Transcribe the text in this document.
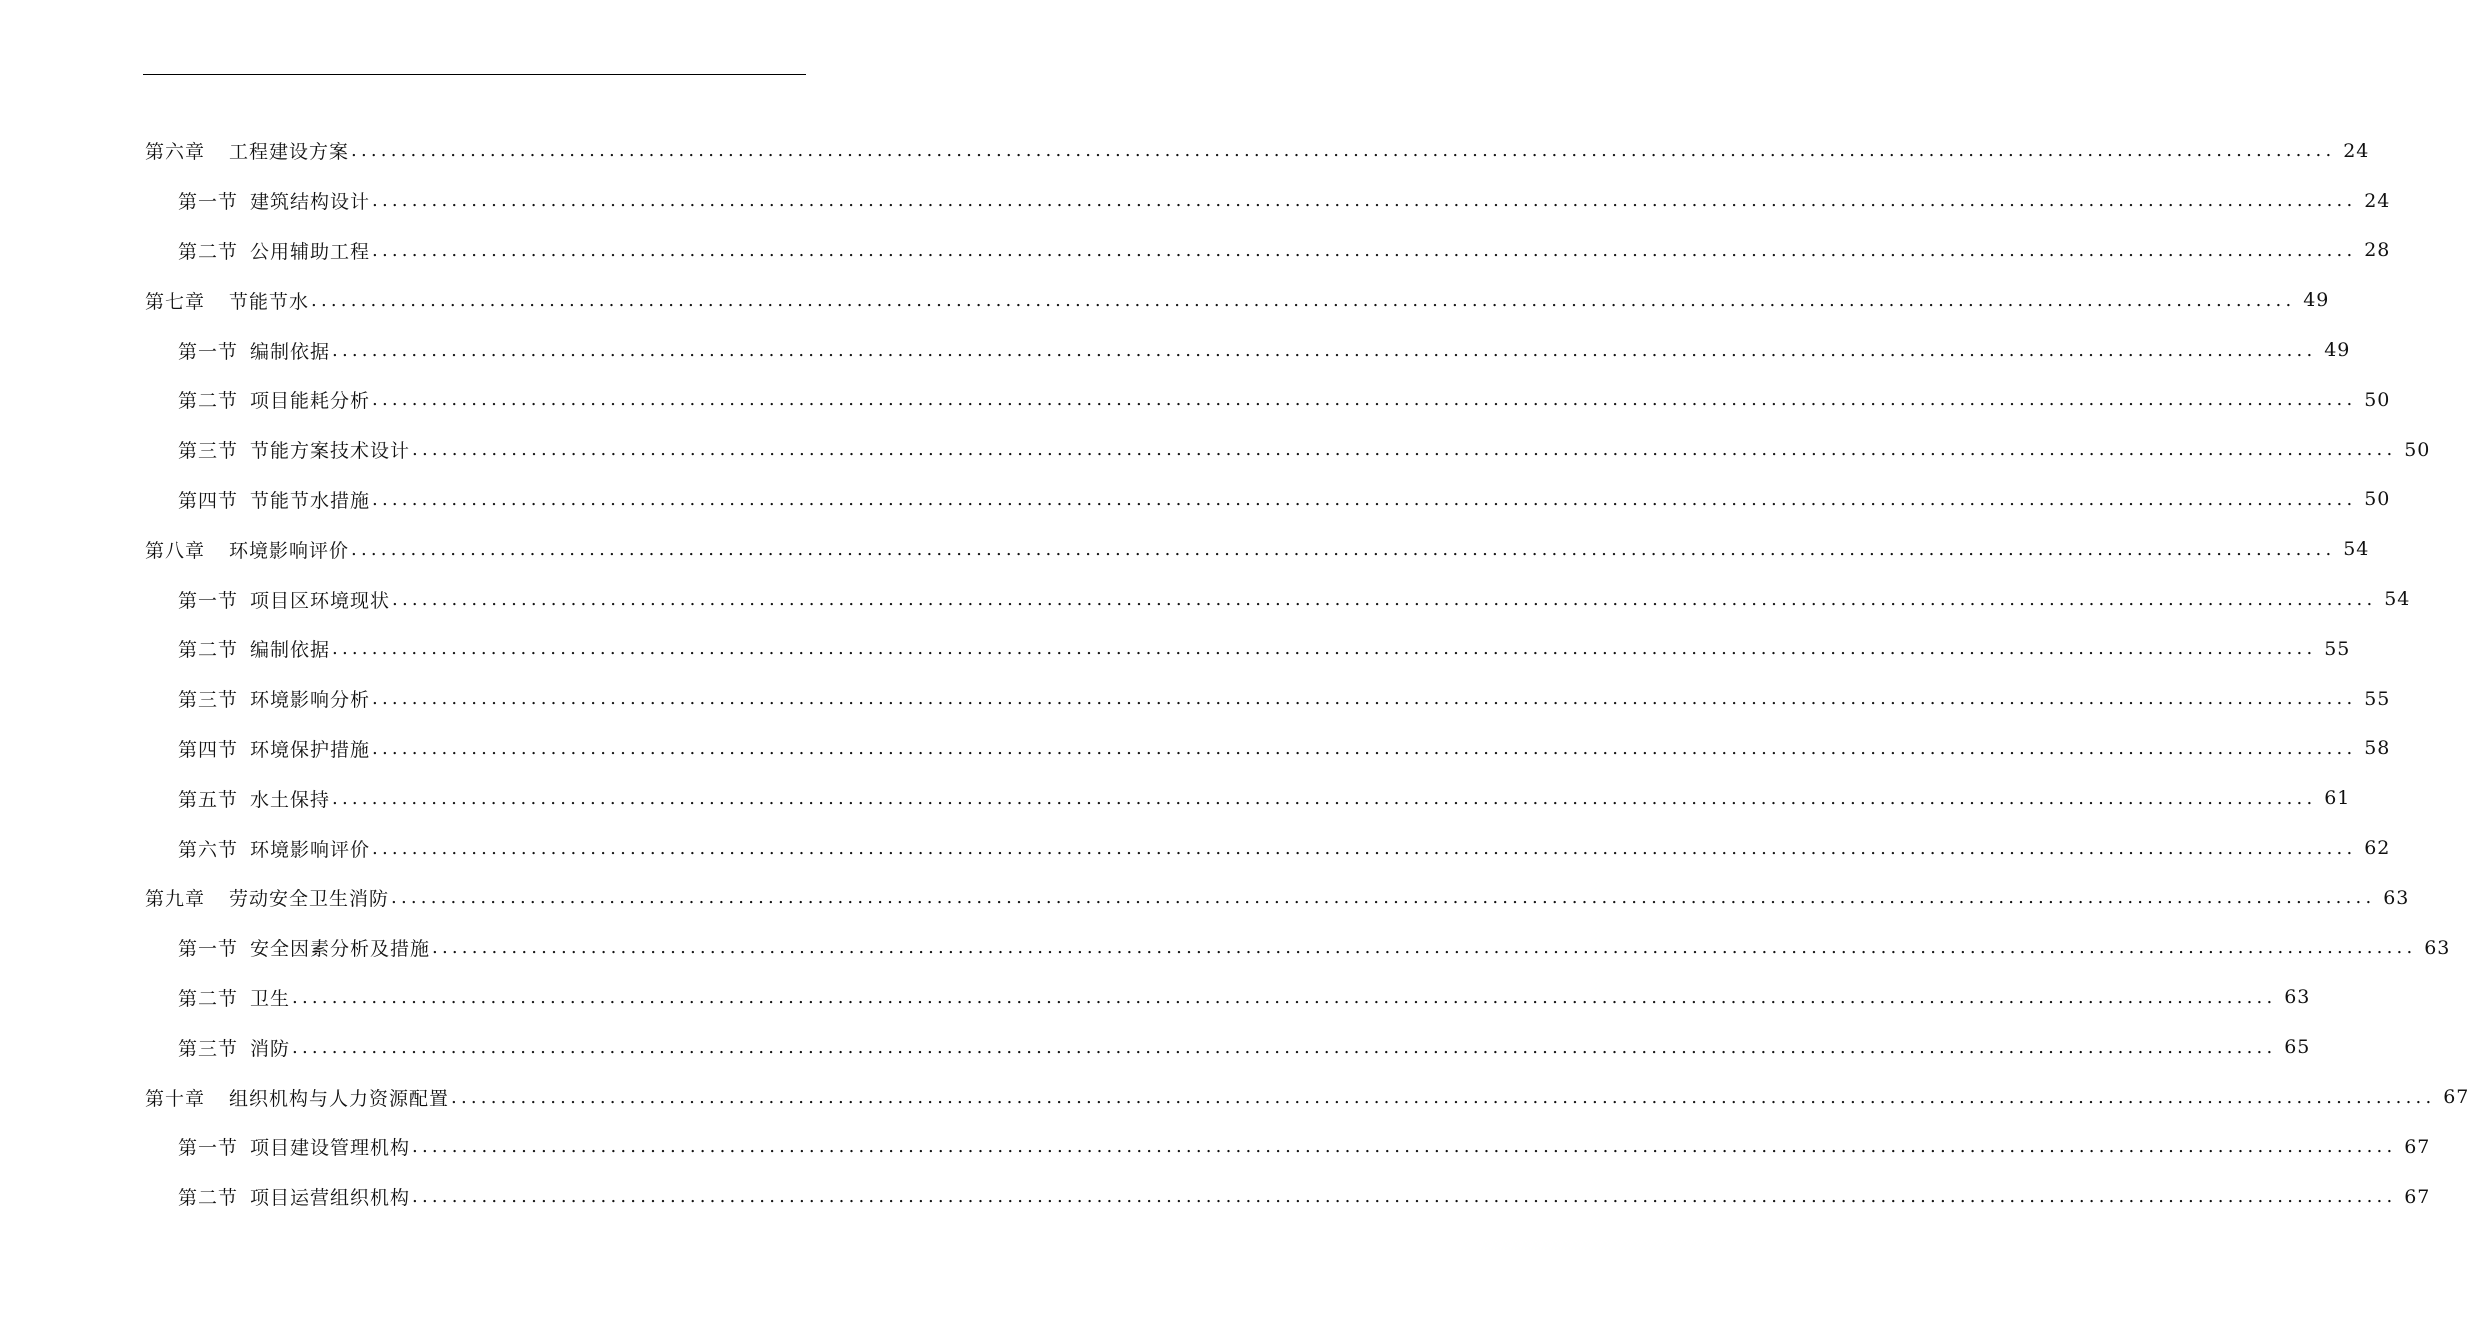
第六章 工程建设方案 ........................................................................................................................................................................................................ 24
第一节 建筑结构设计 ........................................................................................................................................................................................................ 24
第二节 公用辅助工程 ........................................................................................................................................................................................................ 28
第七章 节能节水 ........................................................................................................................................................................................................ 49
第一节 编制依据 ........................................................................................................................................................................................................ 49
第二节 项目能耗分析 ........................................................................................................................................................................................................ 50
第三节 节能方案技术设计 ........................................................................................................................................................................................................ 50
第四节 节能节水措施 ........................................................................................................................................................................................................ 50
第八章 环境影响评价 ........................................................................................................................................................................................................ 54
第一节 项目区环境现状 ........................................................................................................................................................................................................ 54
第二节 编制依据 ........................................................................................................................................................................................................ 55
第三节 环境影响分析 ........................................................................................................................................................................................................ 55
第四节 环境保护措施 ........................................................................................................................................................................................................ 58
第五节 水土保持 ........................................................................................................................................................................................................ 61
第六节 环境影响评价 ........................................................................................................................................................................................................ 62
第九章 劳动安全卫生消防 ........................................................................................................................................................................................................ 63
第一节 安全因素分析及措施 ........................................................................................................................................................................................................ 63
第二节 卫生 ........................................................................................................................................................................................................ 63
第三节 消防 ........................................................................................................................................................................................................ 65
第十章 组织机构与人力资源配置 ........................................................................................................................................................................................................ 67
第一节 项目建设管理机构 ........................................................................................................................................................................................................ 67
第二节 项目运营组织机构 ........................................................................................................................................................................................................ 67
